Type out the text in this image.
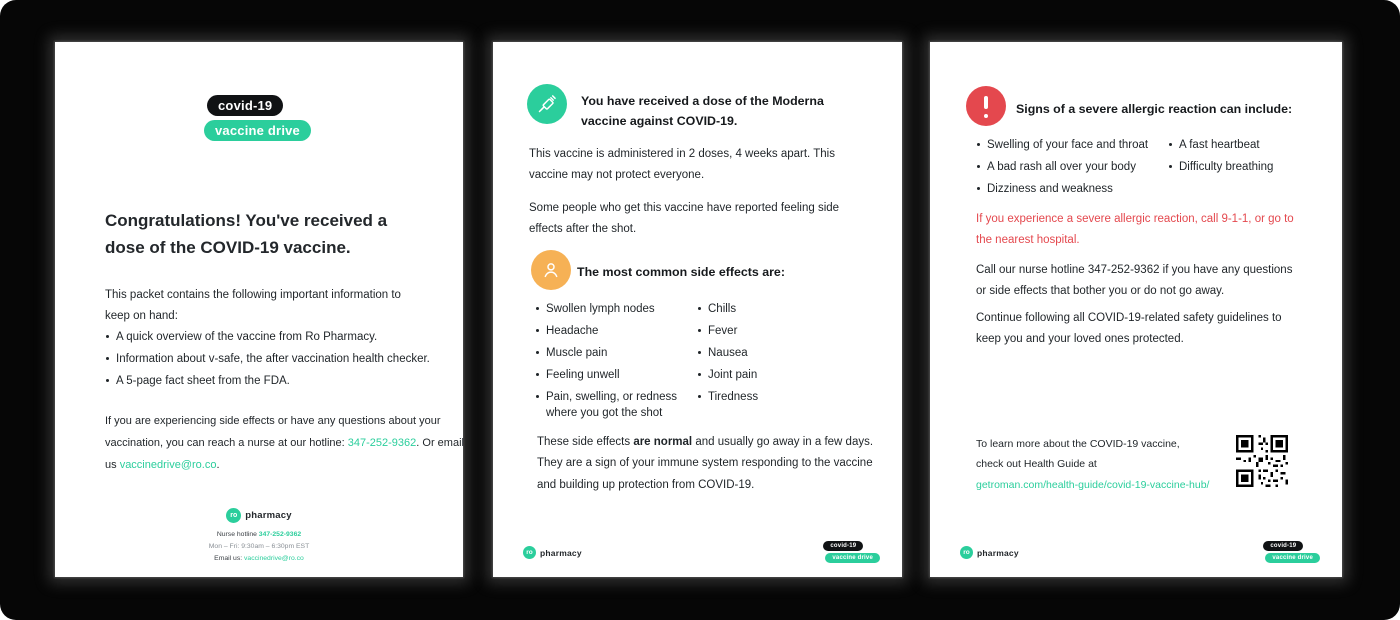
covid-19
vaccine drive
Congratulations! You've received a dose of the COVID-19 vaccine.

This packet contains the following important information to keep on hand:

A quick overview of the vaccine from Ro Pharmacy.
Information about v-safe, the after vaccination health checker.
A 5-page fact sheet from the FDA.

If you are experiencing side effects or have any questions about your vaccination, you can reach a nurse at our hotline: 347-252-9362. Or email us vaccinedrive@ro.co.

ro pharmacy
Nurse hotline 347-252-9362
Mon – Fri: 9:30am – 6:30pm EST
Email us: vaccinedrive@ro.co
You have received a dose of the Moderna vaccine against COVID-19.

This vaccine is administered in 2 doses, 4 weeks apart. This vaccine may not protect everyone.

Some people who get this vaccine have reported feeling side effects after the shot.

The most common side effects are:
Swollen lymph nodes
Headache
Muscle pain
Feeling unwell
Pain, swelling, or redness where you got the shot
Chills
Fever
Nausea
Joint pain
Tiredness

These side effects are normal and usually go away in a few days. They are a sign of your immune system responding to the vaccine and building up protection from COVID-19.

ro pharmacy
covid-19
vaccine drive
Signs of a severe allergic reaction can include:
Swelling of your face and throat
A bad rash all over your body
Dizziness and weakness
A fast heartbeat
Difficulty breathing

If you experience a severe allergic reaction, call 9-1-1, or go to the nearest hospital.

Call our nurse hotline 347-252-9362 if you have any questions or side effects that bother you or do not go away.

Continue following all COVID-19-related safety guidelines to keep you and your loved ones protected.

To learn more about the COVID-19 vaccine,
check out Health Guide at
getroman.com/health-guide/covid-19-vaccine-hub/
ro pharmacy
covid-19
vaccine drive
